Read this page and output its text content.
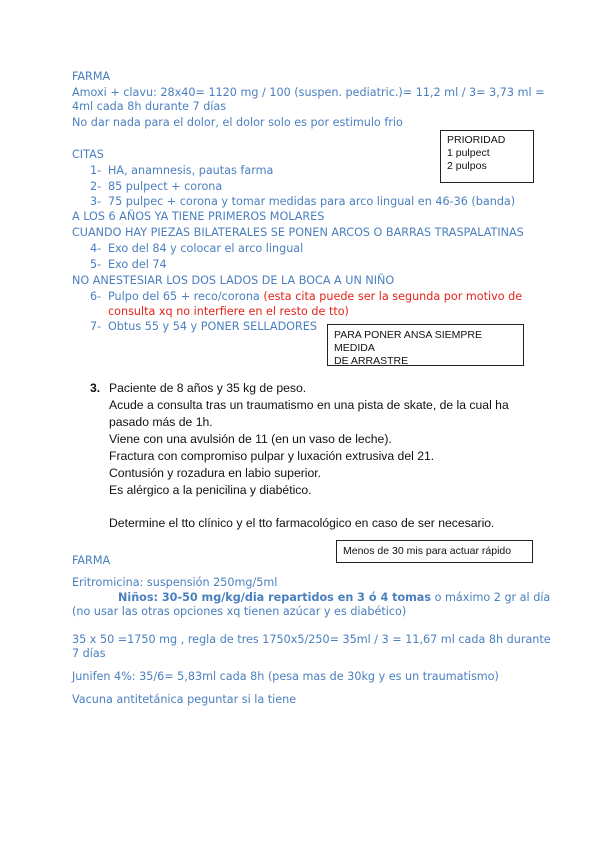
FARMA
Amoxi + clavu: 28x40= 1120 mg / 100 (suspen. pediatric.)= 11,2 ml / 3= 3,73 ml =
4ml cada 8h durante 7 días
No dar nada para el dolor, el dolor solo es por estimulo frio
PRIORIDAD
1 pulpect
2 pulpos
CITAS
1- HA, anamnesis, pautas farma
2- 85 pulpect + corona
3- 75 pulpec + corona y tomar medidas para arco lingual en 46-36 (banda)
A LOS 6 AÑOS YA TIENE PRIMEROS MOLARES
CUANDO HAY PIEZAS BILATERALES SE PONEN ARCOS O BARRAS TRASPALATINAS
4- Exo del 84 y colocar el arco lingual
5- Exo del 74
NO ANESTESIAR LOS DOS LADOS DE LA BOCA A UN NIÑO
6- Pulpo del 65 + reco/corona (esta cita puede ser la segunda por motivo de
consulta xq no interfiere en el resto de tto)
7- Obtus 55 y 54 y PONER SELLADORES
PARA PONER ANSA SIEMPRE MEDIDA
DE ARRASTRE
3. Paciente de 8 años y 35 kg de peso.
Acude a consulta tras un traumatismo en una pista de skate, de la cual ha
pasado más de 1h.
Viene con una avulsión de 11 (en un vaso de leche).
Fractura con compromiso pulpar y luxación extrusiva del 21.
Contusión y rozadura en labio superior.
Es alérgico a la penicilina y diabético.
Determine el tto clínico y el tto farmacológico en caso de ser necesario.
Menos de 30 mis para actuar rápido
FARMA
Eritromicina: suspensión 250mg/5ml
Niños: 30-50 mg/kg/dia repartidos en 3 ó 4 tomas o máximo 2 gr al día
(no usar las otras opciones xq tienen azúcar y es diabético)
35 x 50 =1750 mg , regla de tres 1750x5/250= 35ml / 3 = 11,67 ml cada 8h durante
7 días
Junifen 4%: 35/6= 5,83ml cada 8h (pesa mas de 30kg y es un traumatismo)
Vacuna antitetánica peguntar si la tiene
